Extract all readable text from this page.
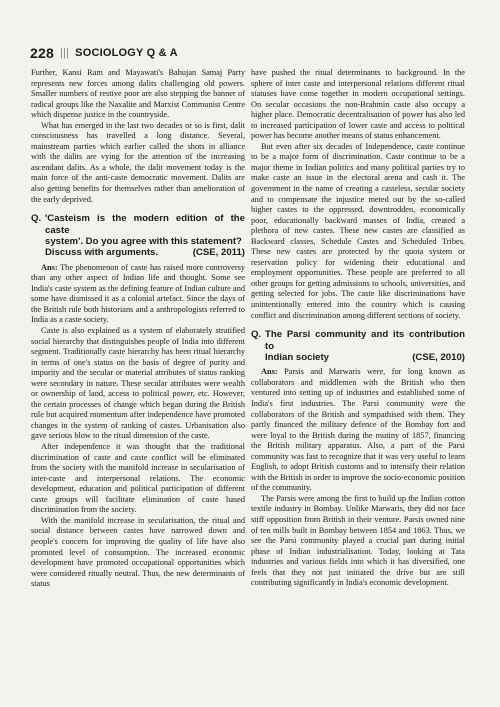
228 ||| SOCIOLOGY Q & A

Further, Kansi Ram and Mayawati's Bahujan Samaj Party represents new forces among dalits challenging old powers. Smaller numbers of restive poor are also stepping the banner of radical groups like the Naxalite and Marxist Communist Centre which dispense justice in the countryside.

What has emerged in the last two decades or so is first, dalit consciousness has travelled a long distance. Several, mainstream parties which earlier called the shots in alliance with the dalits are vying for the attention of the increasing ascendant dalits. As a whole, the dalit movement today is the main force of the anti-caste democratic movement. Dalits are also getting benefits for themselves rather than amelioration of the early deprived.

Q. 'Casteism is the modern edition of the caste
system'. Do you agree with this statement?
Discuss with arguments.	(CSE, 2011)

Ans: The phenomenon of caste has raised more controversy than any other aspect of Indian life and thought. Some see India's caste system as the defining feature of Indian culture and some have dismissed it as a colonial artefact. Since the days of the British rule both historians and a anthropologists referred to India as a caste society.

Caste is also explained as a system of elaborately stratified social hierarchy that distinguishes people of India into different segment. Traditionally caste hierarchy has been ritual hierarchy in terms of one's status on the basis of degree of purity and impurity and the secular or material attributes of status ranking were secondary in nature. These secular attributes were wealth or ownership of land, access to political power, etc. However, the certain processes of change which began during the British rule but acquired momentum after independence have promoted changes in the system of ranking of castes. Urbanisation also gave serious blow to the ritual dimension of the caste.

After independence it was thought that the traditional discrimination of caste and caste conflict will be eliminated from the society with the manifold increase in secularisation of inter-caste and interpersonal relations. The economic development, education and political participation of different caste groups will facilitate elimination of caste based discrimination from the society.

With the manifold increase in secularisation, the ritual and social distance between castes have narrowed down and people's concern for improving the quality of life have also promoted level of consumption. The increased economic development have promoted occupational opportunities which were considered ritually neutral. Thus, the new determinants of status

have pushed the ritual determinants to background. In the sphere of inter caste and interpersonal relations different ritual statuses have come together in modern occupational settings. On secular occasions the non-Brahmin caste also occupy a higher place. Democratic decentralisation of power has also led to increased participation of lower caste and access to political power has become another means of status enhancement.

But even after six decades of Independence, caste continue to be a major form of discrimination. Caste continue to be a major theme in Indian politics and many political parties try to make caste an issue in the electoral arena and cash it. The government in the name of creating a casteless, secular society and to compensate the injustice meted out by the so-called higher castes to the oppressed, downtrodden, economically poor, educationally backward masses of India, created a plethora of new castes. These new castes are classified as Backward classes, Schedule Castes and Scheduled Tribes. These new castes are protected by the quota system or reservation policy for widening their educational and employment opportunities. These people are preferred to all other groups for getting admissions to schools, universities, and getting selected for jobs. The caste like discriminations have unintentionally entered into the country which is causing conflict and discrimination among different sections of society.

Q. The Parsi community and its contribution to
Indian society	(CSE, 2010)

Ans: Parsis and Marwaris were, for long known as collaborators and middlemen with the British who then ventured into setting up of industries and established some of India's first industries. The Parsi community were the collaborators of the British and sympathised with them. They partly financed the military defence of the Bombay fort and were loyal to the British during the mutiny of 1857, financing the British military apparatus. Also, a part of the Parsi community was fast to recognize that it was very useful to learn English, to adopt British customs and to intensify their relation with the British in order to improve the socio-economic position of the community.

The Parsis were among the first to build up the Indian cotton textile industry in Bombay. Unlike Marwaris, they did not face stiff opposition from British in their venture. Parsis owned nine of ten mills built in Bombay between 1854 and 1863. Thus, we see the Parsi community played a crucial part during initial phase of Indian industrialisation. Today, looking at Tata industries and various fields into which it has diversified, one feels that they not just initiated the drive but are still contributing significantly in India's economic development.
